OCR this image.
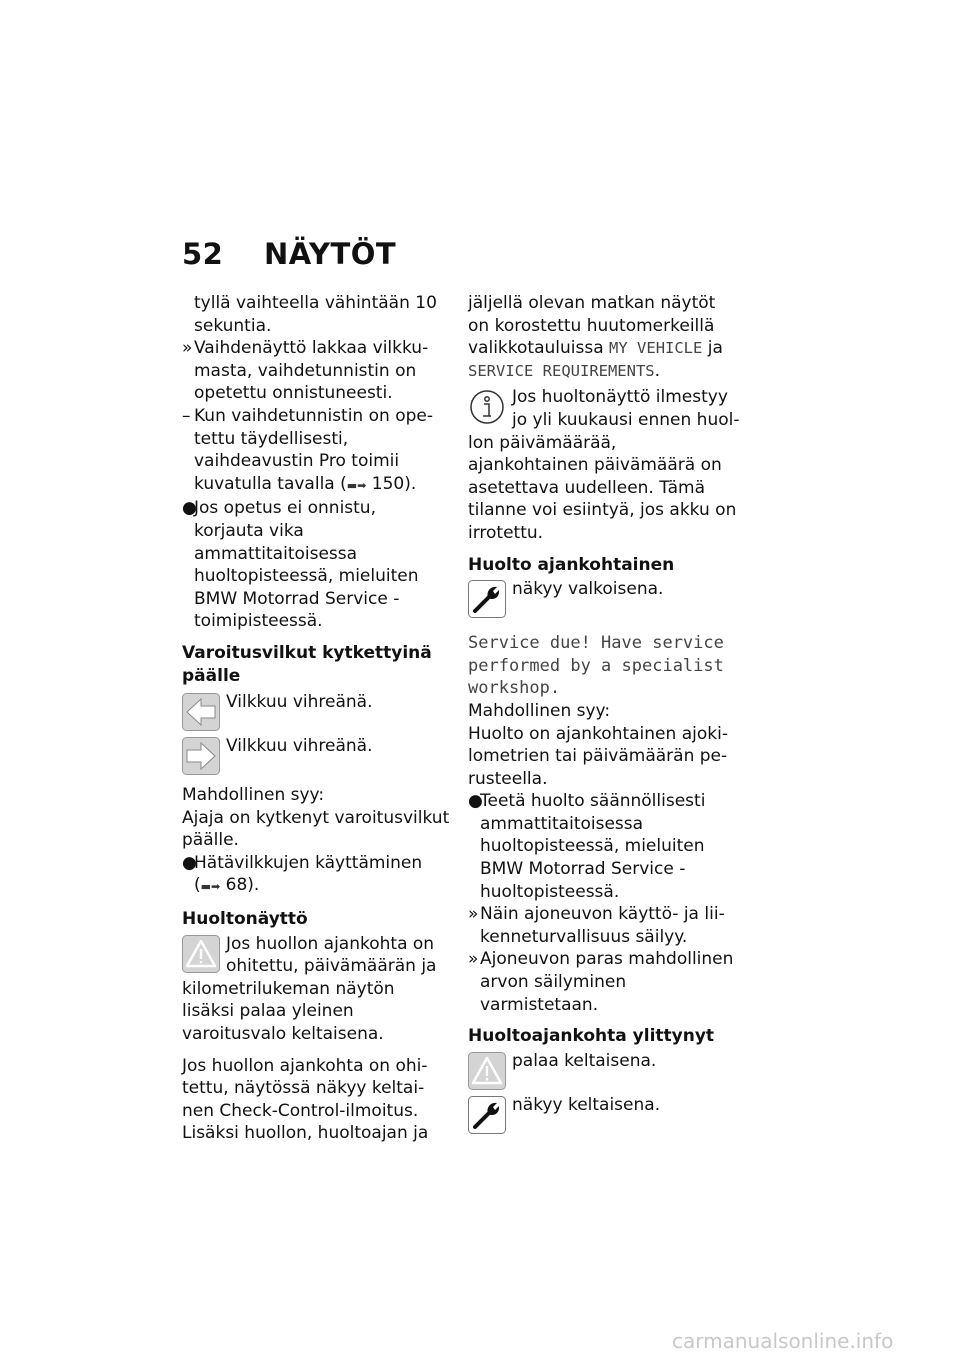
52 NÄYTÖT

tyllä vaihteella vähintään 10 sekuntia.

» Vaihdenäyttö lakkaa vilkkumasta, vaihdetunnistin on opetettu onnistuneesti.
– Kun vaihdetunnistin on opetettu täydellisesti, vaihdeavustin Pro toimii kuvatulla tavalla (▬➡ 150).
●
Jos opetus ei onnistu, korjauta vika ammattitaitoisessa huoltopisteessä, mieluiten BMW Motorrad Service -toimipisteessä.

Varoitusvilkut kytkettyinä päälle

Vilkkuu vihreänä.
Vilkkuu vihreänä.

Mahdollinen syy:

Ajaja on kytkenyt varoitusvilkut päälle.

●
Hätävilkkujen käyttäminen (▬➡ 68).

Huoltonäyttö

Jos huollon ajankohta on ohitettu, päivämäärän ja kilometrilukeman näytön lisäksi palaa yleinen varoitusvalo keltaisena.

Jos huollon ajankohta on ohitettu, näytössä näkyy keltainen Check-Control-ilmoitus. Lisäksi huollon, huoltoajan ja

jäljellä olevan matkan näytöt on korostettu huutomerkeillä valikkotauluissa MY VEHICLE ja SERVICE REQUIREMENTS.

Jos huoltonäyttö ilmestyy jo yli kuukausi ennen huollon päivämäärää, ajankohtainen päivämäärä on asetettava uudelleen. Tämä tilanne voi esiintyä, jos akku on irrotettu.

Huolto ajankohtainen

näkyy valkoisena.

Service due! Have service performed by a specialist workshop.

Mahdollinen syy:

Huolto on ajankohtainen ajokilometrien tai päivämäärän perusteella.

●
Teetä huolto säännöllisesti ammattitaitoisessa huoltopisteessä, mieluiten BMW Motorrad Service -huoltopisteessä.
» Näin ajoneuvon käyttö- ja liikenneturvallisuus säilyy.
» Ajoneuvon paras mahdollinen arvon säilyminen varmistetaan.

Huoltoajankohta ylittynyt

palaa keltaisena.
näkyy keltaisena.
carmanualsonline.info
